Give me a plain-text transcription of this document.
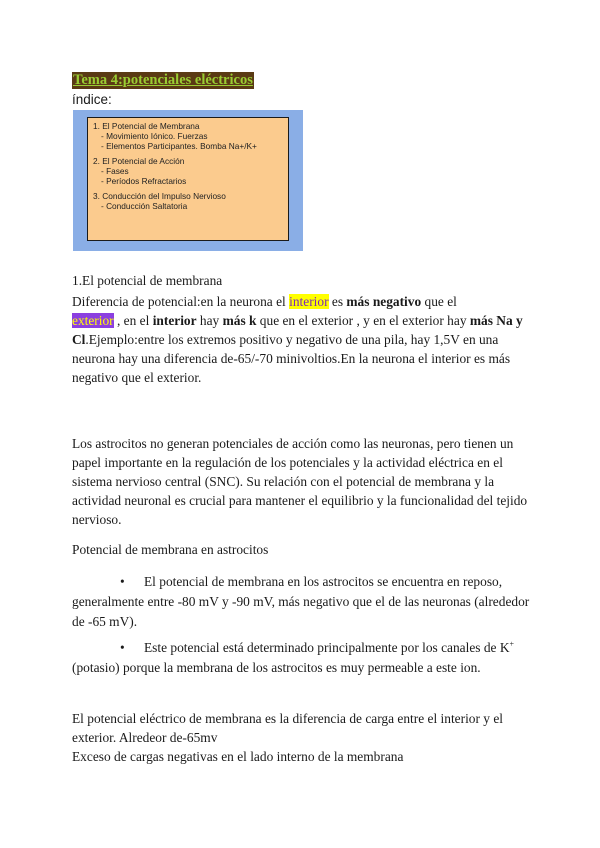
Tema 4:potenciales eléctricos
índice:
1. El Potencial de Membrana
- Movimiento Iónico. Fuerzas
- Elementos Participantes. Bomba Na+/K+
2. El Potencial de Acción
- Fases
- Períodos Refractarios
3. Conducción del Impulso Nervioso
- Conducción Saltatoria
1.El potencial de membrana
Diferencia de potencial:en la neurona el interior es más negativo que el
exterior , en el interior hay más k que en el exterior , y en el exterior hay más Na y Cl.Ejemplo:entre los extremos positivo y negativo de una pila, hay 1,5V en una neurona hay una diferencia de-65/-70 minivoltios.En la neurona el interior es más negativo que el exterior.
Los astrocitos no generan potenciales de acción como las neuronas, pero tienen un papel importante en la regulación de los potenciales y la actividad eléctrica en el sistema nervioso central (SNC). Su relación con el potencial de membrana y la actividad neuronal es crucial para mantener el equilibrio y la funcionalidad del tejido nervioso.
Potencial de membrana en astrocitos
•	El potencial de membrana en los astrocitos se encuentra en reposo, generalmente entre -80 mV y -90 mV, más negativo que el de las neuronas (alrededor de -65 mV).
•	Este potencial está determinado principalmente por los canales de K+ (potasio) porque la membrana de los astrocitos es muy permeable a este ion.
El potencial eléctrico de membrana es la diferencia de carga entre el interior y el exterior. Alredeor de-65mv
Exceso de cargas negativas en el lado interno de la membrana
